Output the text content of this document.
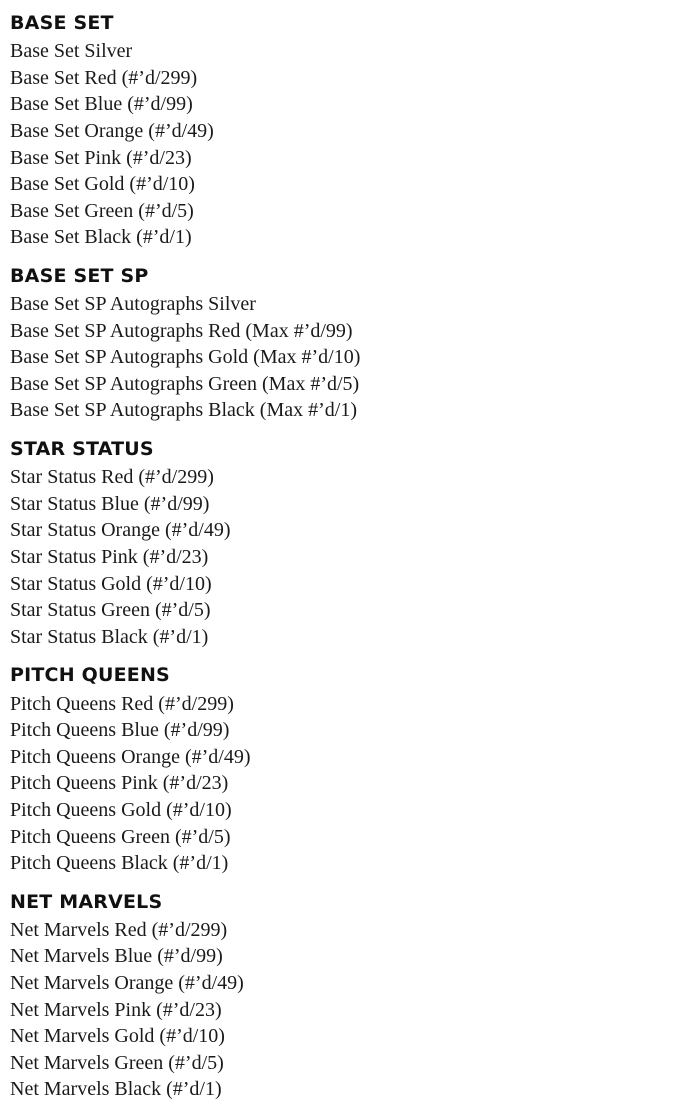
BASE SET
Base Set Silver
Base Set Red (#’d/299)
Base Set Blue (#’d/99)
Base Set Orange (#’d/49)
Base Set Pink (#’d/23)
Base Set Gold (#’d/10)
Base Set Green (#’d/5)
Base Set Black (#’d/1)
BASE SET SP
Base Set SP Autographs Silver
Base Set SP Autographs Red (Max #’d/99)
Base Set SP Autographs Gold (Max #’d/10)
Base Set SP Autographs Green (Max #’d/5)
Base Set SP Autographs Black (Max #’d/1)
STAR STATUS
Star Status Red (#’d/299)
Star Status Blue (#’d/99)
Star Status Orange (#’d/49)
Star Status Pink (#’d/23)
Star Status Gold (#’d/10)
Star Status Green (#’d/5)
Star Status Black (#’d/1)
PITCH QUEENS
Pitch Queens Red (#’d/299)
Pitch Queens Blue (#’d/99)
Pitch Queens Orange (#’d/49)
Pitch Queens Pink (#’d/23)
Pitch Queens Gold (#’d/10)
Pitch Queens Green (#’d/5)
Pitch Queens Black (#’d/1)
NET MARVELS
Net Marvels Red (#’d/299)
Net Marvels Blue (#’d/99)
Net Marvels Orange (#’d/49)
Net Marvels Pink (#’d/23)
Net Marvels Gold (#’d/10)
Net Marvels Green (#’d/5)
Net Marvels Black (#’d/1)
